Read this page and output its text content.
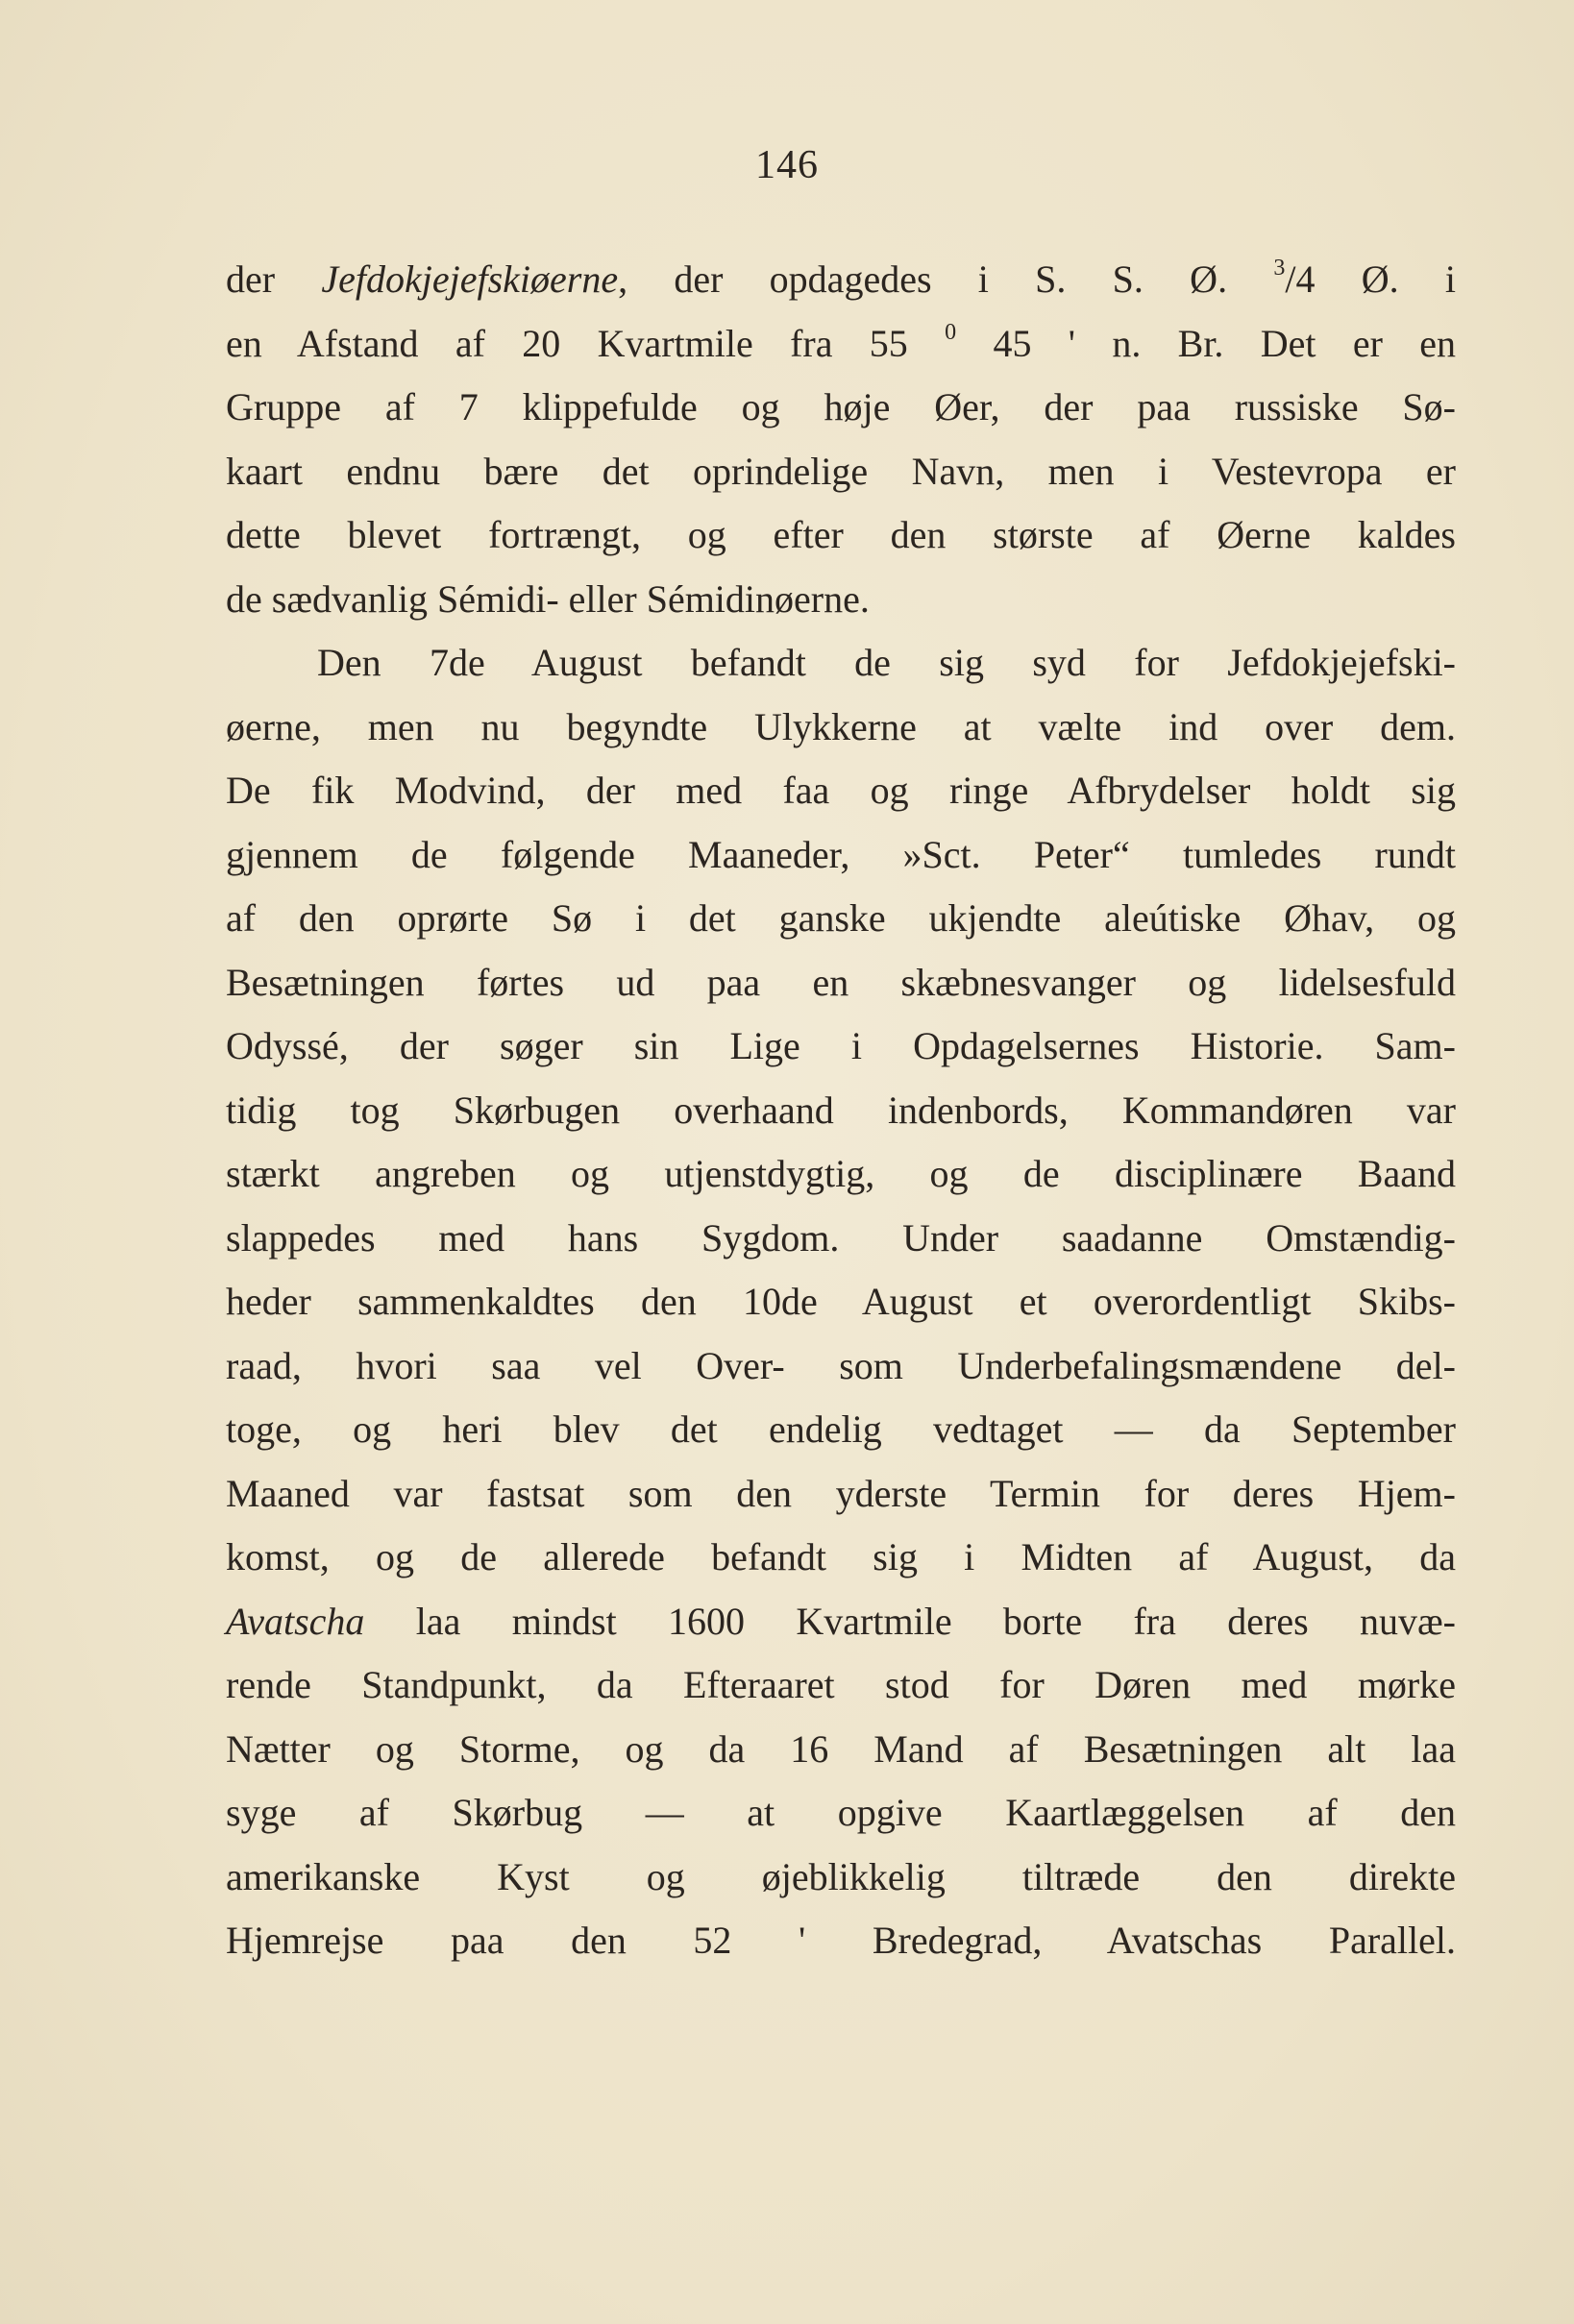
146
der Jefdokjejefskiøerne, der opdagedes i S. S. Ø. $^3$/4 Ø. i
en Afstand af 20 Kvartmile fra 55 $^0$ 45 ' n. Br. Det er en
Gruppe af 7 klippefulde og høje Øer, der paa russiske Sø-
kaart endnu bære det oprindelige Navn, men i Vestevropa er
dette blevet fortrængt, og efter den største af Øerne kaldes
de sædvanlig Sémidi- eller Sémidinøerne.
Den 7de August befandt de sig syd for Jefdokjejefski-
øerne, men nu begyndte Ulykkerne at vælte ind over dem.
De fik Modvind, der med faa og ringe Afbrydelser holdt sig
gjennem de følgende Maaneder, »Sct. Peter“ tumledes rundt
af den oprørte Sø i det ganske ukjendte aleútiske Øhav, og
Besætningen førtes ud paa en skæbnesvanger og lidelsesfuld
Odyssé, der søger sin Lige i Opdagelsernes Historie. Sam-
tidig tog Skørbugen overhaand indenbords, Kommandøren var
stærkt angreben og utjenstdygtig, og de disciplinære Baand
slappedes med hans Sygdom. Under saadanne Omstændig-
heder sammenkaldtes den 10de August et overordentligt Skibs-
raad, hvori saa vel Over- som Underbefalingsmændene del-
toge, og heri blev det endelig vedtaget — da September
Maaned var fastsat som den yderste Termin for deres Hjem-
komst, og de allerede befandt sig i Midten af August, da
Avatscha laa mindst 1600 Kvartmile borte fra deres nuvæ-
rende Standpunkt, da Efteraaret stod for Døren med mørke
Nætter og Storme, og da 16 Mand af Besætningen alt laa
syge af Skørbug — at opgive Kaartlæggelsen af den
amerikanske Kyst og øjeblikkelig tiltræde den direkte
Hjemrejse paa den 52 ' Bredegrad, Avatschas Parallel.
